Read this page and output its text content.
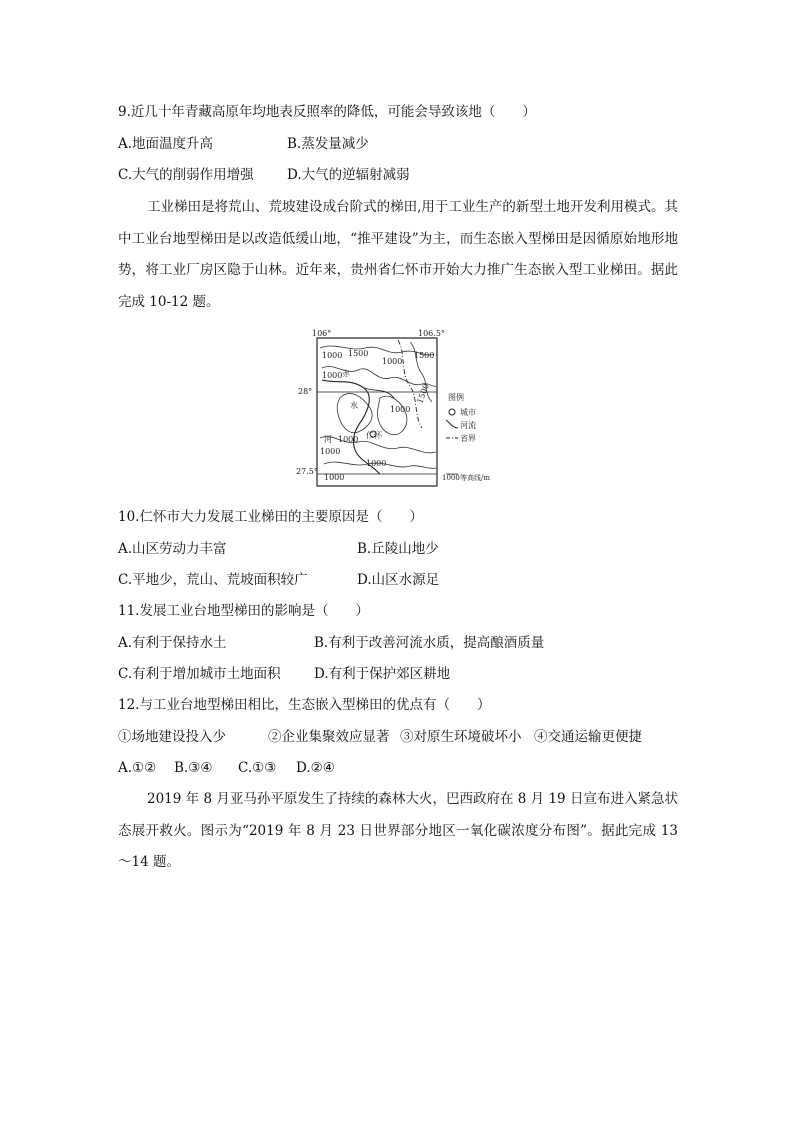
9.近几十年青藏高原年均地表反照率的降低，可能会导致该地（　　）
A.地面温度升高	B.蒸发量减少
C.大气的削弱作用增强 D.大气的逆辐射减弱
工业梯田是将荒山、荒坡建设成台阶式的梯田,用于工业生产的新型土地开发利用模式。其中工业台地型梯田是以改造低缓山地，“推平建设”为主，而生态嵌入型梯田是因循原始地形地势，将工业厂房区隐于山林。近年来，贵州省仁怀市开始大力推广生态嵌入型工业梯田。据此完成 10-12 题。
106°	106.5°
28°
27.5°
1000 1500
1000
1500
1000
1500
1000
1000
1000
1000
1000
赤
水
河	仁怀
图例
城市
河流
省界
1000 等高线/m
10.仁怀市大力发展工业梯田的主要原因是（　　）
A.山区劳动力丰富	B.丘陵山地少
C.平地少，荒山、荒坡面积较广	D.山区水源足
11.发展工业台地型梯田的影响是（　　）
A.有利于保持水土	B.有利于改善河流水质，提高酿酒质量
C.有利于增加城市土地面积 D.有利于保护郊区耕地
12.与工业台地型梯田相比，生态嵌入型梯田的优点有（　　）
①场地建设投入少	②企业集聚效应显著 ③对原生环境破坏小 ④交通运输更便捷
A.①② B.③④ C.①③ D.②④
2019 年 8 月亚马孙平原发生了持续的森林大火，巴西政府在 8 月 19 日宣布进入紧急状态展开救火。图示为“2019 年 8 月 23 日世界部分地区一氧化碳浓度分布图”。据此完成 13～14 题。
